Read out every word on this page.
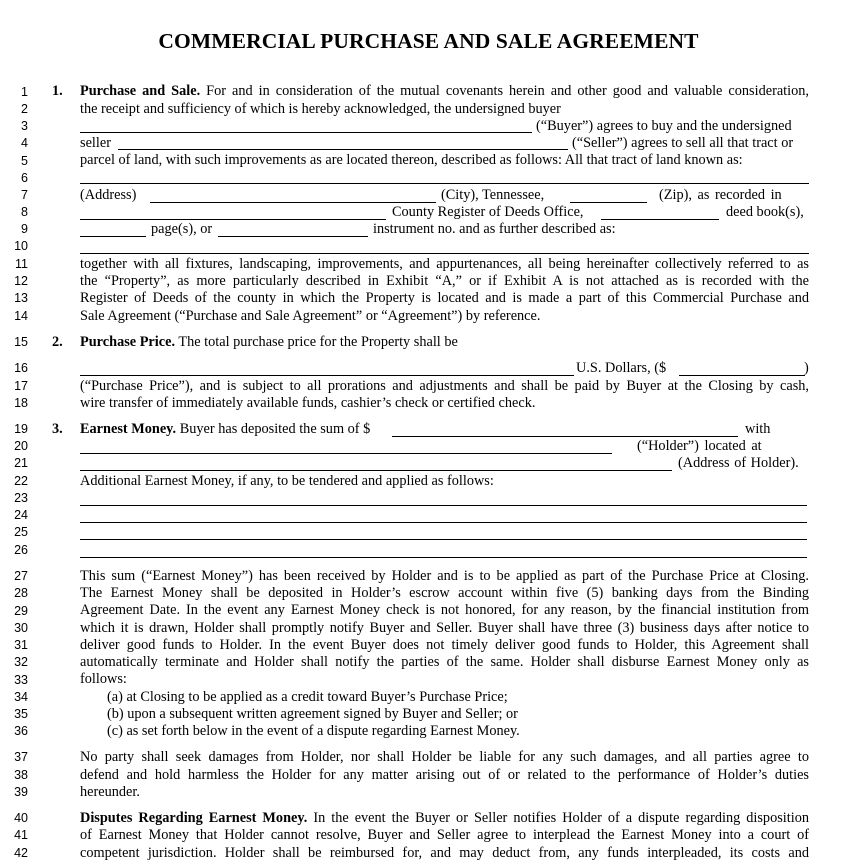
COMMERCIAL PURCHASE AND SALE AGREEMENT
1
2
3
4
5
6
7
8
9
10
11
12
13
14
15
16
17
18
19
20
21
22
23
24
25
26
27
28
29
30
31
32
33
34
35
36
37
38
39
40
41
42
1. Purchase and Sale. For and in consideration of the mutual covenants herein and other good and valuable consideration,
the receipt and sufficiency of which is hereby acknowledged, the undersigned buyer
(“Buyer”) agrees to buy and the undersigned
seller	(“Seller”) agrees to sell all that tract or
parcel of land, with such improvements as are located thereon, described as follows: All that tract of land known as:
(Address)	(City), Tennessee,	(Zip), as recorded in
County Register of Deeds Office,	deed book(s),
page(s), or	instrument no. and as further described as:
together with all fixtures, landscaping, improvements, and appurtenances, all being hereinafter collectively referred to as
the “Property”, as more particularly described in Exhibit “A,” or if Exhibit A is not attached as is recorded with the
Register of Deeds of the county in which the Property is located and is made a part of this Commercial Purchase and
Sale Agreement (“Purchase and Sale Agreement” or “Agreement”) by reference.
2. Purchase Price. The total purchase price for the Property shall be
U.S. Dollars, ($	)
(“Purchase Price”), and is subject to all prorations and adjustments and shall be paid by Buyer at the Closing by cash,
wire transfer of immediately available funds, cashier’s check or certified check.
3. Earnest Money. Buyer has deposited the sum of $	with
(“Holder”) located at
(Address of Holder).
Additional Earnest Money, if any, to be tendered and applied as follows:
This sum (“Earnest Money”) has been received by Holder and is to be applied as part of the Purchase Price at Closing.
The Earnest Money shall be deposited in Holder’s escrow account within five (5) banking days from the Binding
Agreement Date. In the event any Earnest Money check is not honored, for any reason, by the financial institution from
which it is drawn, Holder shall promptly notify Buyer and Seller. Buyer shall have three (3) business days after notice to
deliver good funds to Holder. In the event Buyer does not timely deliver good funds to Holder, this Agreement shall
automatically terminate and Holder shall notify the parties of the same. Holder shall disburse Earnest Money only as
follows:
(a) at Closing to be applied as a credit toward Buyer’s Purchase Price;
(b) upon a subsequent written agreement signed by Buyer and Seller; or
(c) as set forth below in the event of a dispute regarding Earnest Money.
No party shall seek damages from Holder, nor shall Holder be liable for any such damages, and all parties agree to
defend and hold harmless the Holder for any matter arising out of or related to the performance of Holder’s duties
hereunder.
Disputes Regarding Earnest Money. In the event the Buyer or Seller notifies Holder of a dispute regarding disposition
of Earnest Money that Holder cannot resolve, Buyer and Seller agree to interplead the Earnest Money into a court of
competent jurisdiction. Holder shall be reimbursed for, and may deduct from, any funds interpleaded, its costs and
